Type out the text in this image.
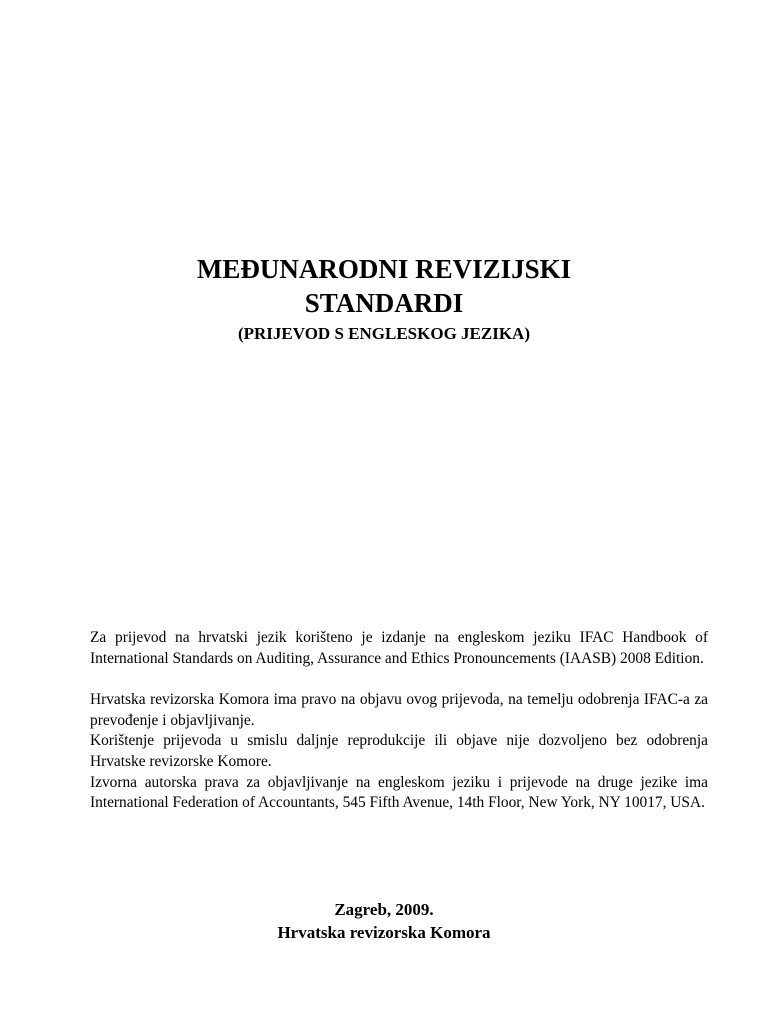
MEĐUNARODNI REVIZIJSKI
STANDARDI
(PRIJEVOD S ENGLESKOG JEZIKA)
Za prijevod na hrvatski jezik korišteno je izdanje na engleskom jeziku IFAC Handbook of International Standards on Auditing, Assurance and Ethics Pronouncements (IAASB) 2008 Edition.
Hrvatska revizorska Komora ima pravo na objavu ovog prijevoda, na temelju odobrenja IFAC-a za prevođenje i objavljivanje.
Korištenje prijevoda u smislu daljnje reprodukcije ili objave nije dozvoljeno bez odobrenja Hrvatske revizorske Komore.
Izvorna autorska prava za objavljivanje na engleskom jeziku i prijevode na druge jezike ima International Federation of Accountants, 545 Fifth Avenue, 14th Floor, New York, NY 10017, USA.
Zagreb, 2009.
Hrvatska revizorska Komora
